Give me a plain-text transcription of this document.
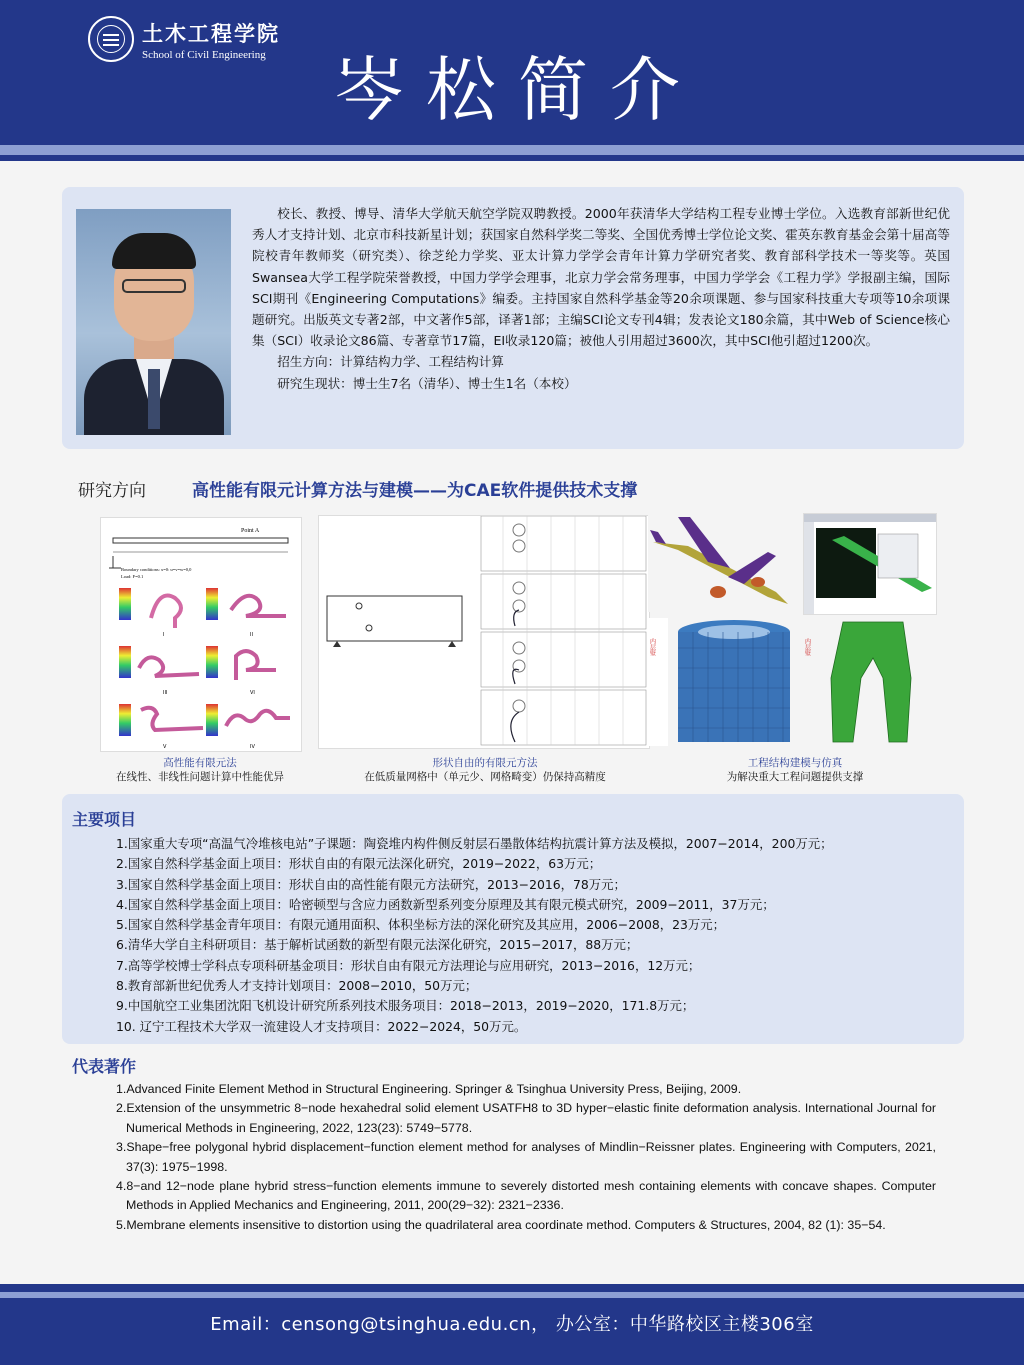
土木工程学院
School of Civil Engineering 岑松简介

校长、教授、博导、清华大学航天航空学院双聘教授。2000年获清华大学结构工程专业博士学位。入选教育部新世纪优秀人才支持计划、北京市科技新星计划；获国家自然科学奖二等奖、全国优秀博士学位论文奖、霍英东教育基金会第十届高等院校青年教师奖（研究类）、徐芝纶力学奖、亚太计算力学学会青年计算力学研究者奖、教育部科学技术一等奖等。英国Swansea大学工程学院荣誉教授，中国力学学会理事，北京力学会常务理事，中国力学学会《工程力学》学报副主编，国际SCI期刊《Engineering Computations》编委。主持国家自然科学基金等20余项课题、参与国家科技重大专项等10余项课题研究。出版英文专著2部，中文著作5部，译著1部；主编SCI论文专刊4辑；发表论文180余篇，其中Web of Science核心集（SCI）收录论文86篇、专著章节17篇，EI收录120篇；被他人引用超过3600次，其中SCI他引超过1200次。

招生方向：计算结构力学、工程结构计算

研究生现状：博士生7名（清华）、博士生1名（本校）

研究方向	高性能有限元计算方法与建模——为CAE软件提供技术支撑
Point A
Boundary conditions: x=0: u=v=w=0,0
Load: F=0.1
I	II
III	VI
V	IV
内层壁	内层壁
高性能有限元法
在线性、非线性问题计算中性能优异
形状自由的有限元方法
在低质量网格中（单元少、网格畸变）仍保持高精度
工程结构建模与仿真
为解决重大工程问题提供支撑
主要项目
1.国家重大专项“高温气冷堆核电站”子课题：陶瓷堆内构件侧反射层石墨散体结构抗震计算方法及模拟，2007−2014，200万元；
2.国家自然科学基金面上项目：形状自由的有限元法深化研究，2019−2022，63万元；
3.国家自然科学基金面上项目：形状自由的高性能有限元方法研究，2013−2016，78万元；
4.国家自然科学基金面上项目：哈密顿型与含应力函数新型系列变分原理及其有限元模式研究，2009−2011，37万元；
5.国家自然科学基金青年项目：有限元通用面积、体积坐标方法的深化研究及其应用，2006−2008，23万元；
6.清华大学自主科研项目：基于解析试函数的新型有限元法深化研究，2015−2017，88万元；
7.高等学校博士学科点专项科研基金项目：形状自由有限元方法理论与应用研究，2013−2016，12万元；
8.教育部新世纪优秀人才支持计划项目：2008−2010，50万元；
9.中国航空工业集团沈阳飞机设计研究所系列技术服务项目：2018−2013，2019−2020，171.8万元；
10. 辽宁工程技术大学双一流建设人才支持项目：2022−2024，50万元。
代表著作
1.Advanced Finite Element Method in Structural Engineering. Springer & Tsinghua University Press, Beijing, 2009.
2.Extension of the unsymmetric 8−node hexahedral solid element USATFH8 to 3D hyper−elastic finite deformation analysis. International Journal for Numerical Methods in Engineering, 2022, 123(23): 5749−5778.
3.Shape−free polygonal hybrid displacement−function element method for analyses of Mindlin−Reissner plates. Engineering with Computers, 2021, 37(3): 1975−1998.
4.8−and 12−node plane hybrid stress−function elements immune to severely distorted mesh containing elements with concave shapes. Computer Methods in Applied Mechanics and Engineering, 2011, 200(29−32): 2321−2336.
5.Membrane elements insensitive to distortion using the quadrilateral area coordinate method. Computers & Structures, 2004, 82 (1): 35−54.
Email：censong@tsinghua.edu.cn， 办公室：中华路校区主楼306室
